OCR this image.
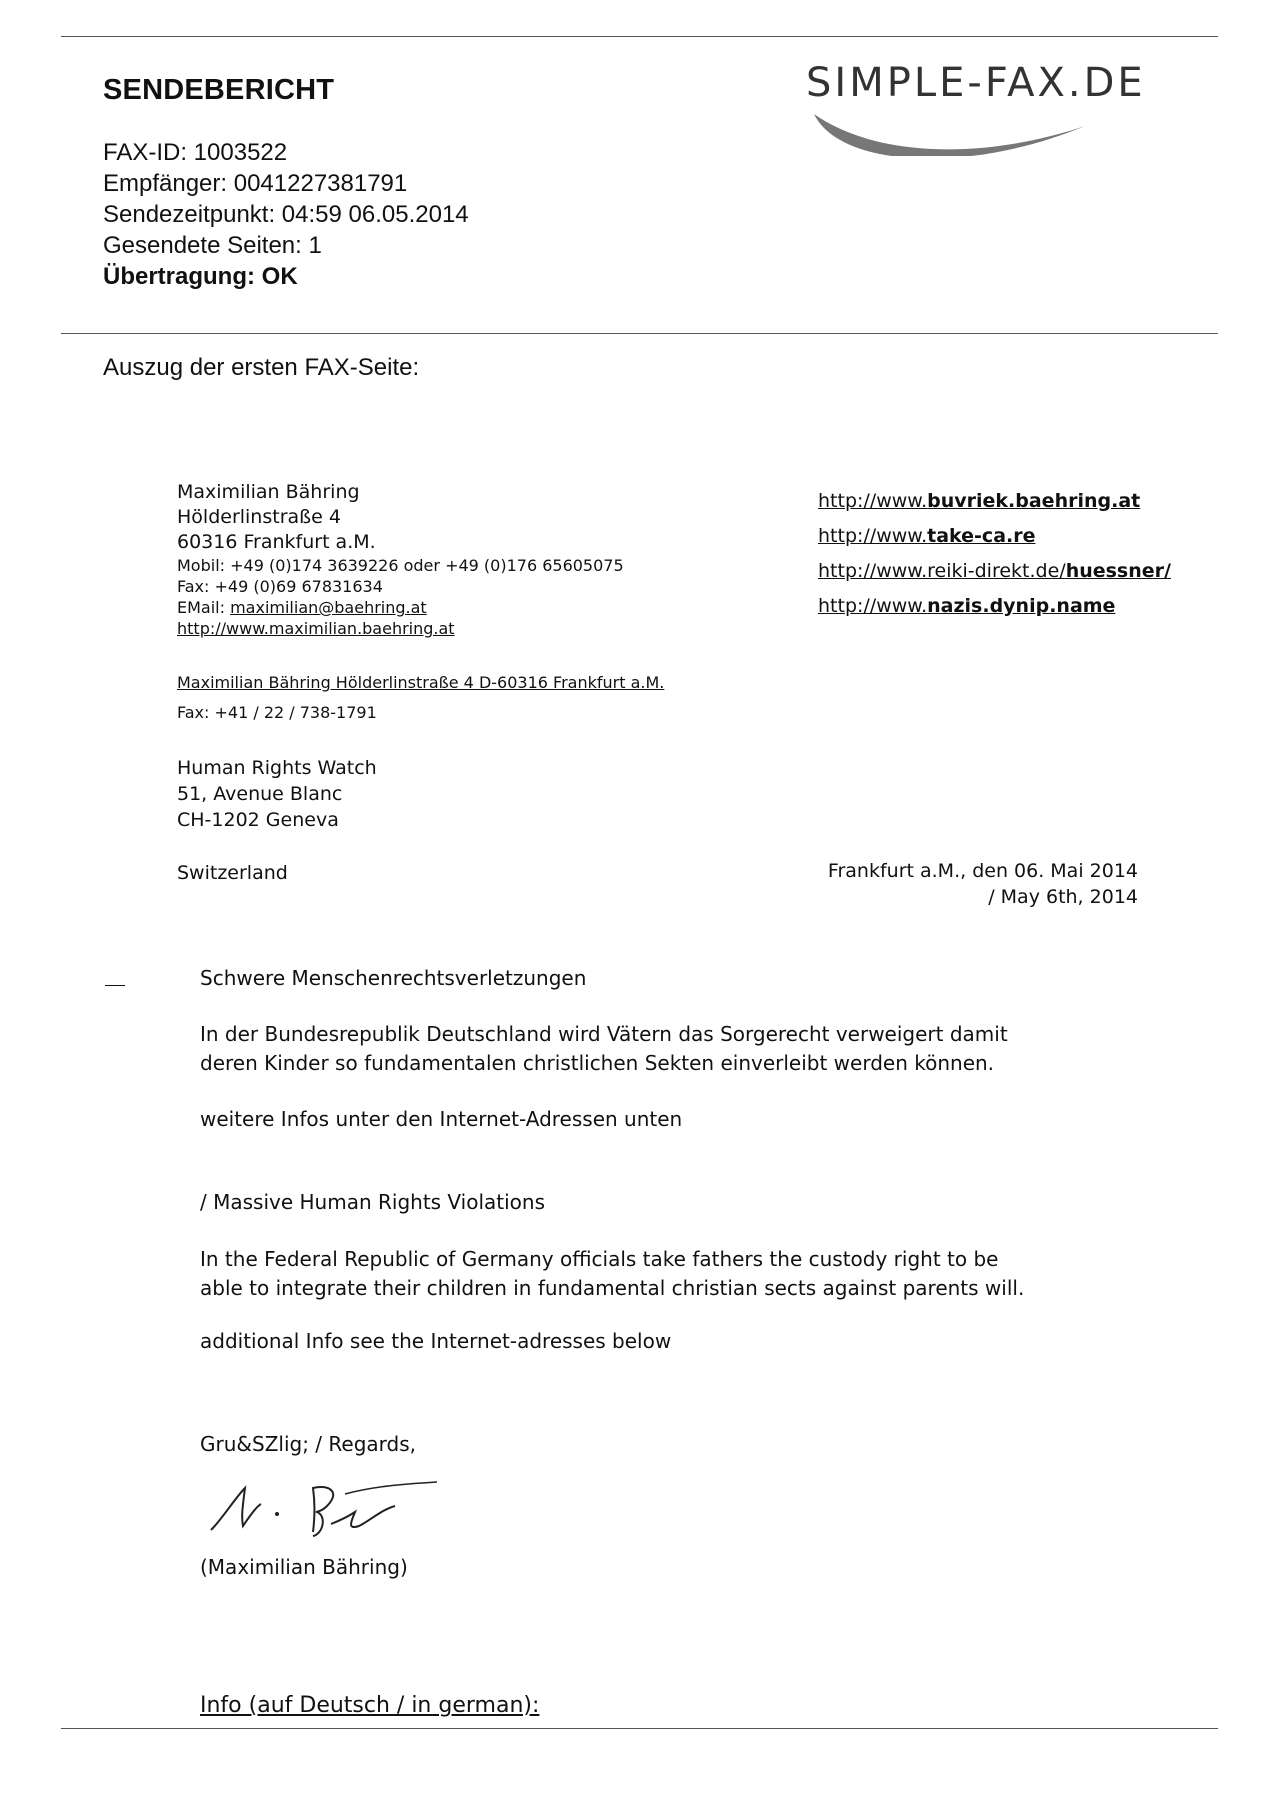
SENDEBERICHT	SIMPLE-FAX.DE
FAX-ID: 1003522
Empfänger: 0041227381791
Sendezeitpunkt: 04:59 06.05.2014
Gesendete Seiten: 1
Übertragung: OK
Auszug der ersten FAX-Seite:
Maximilian Bähring
Hölderlinstraße 4
60316 Frankfurt a.M.
Mobil: +49 (0)174 3639226 oder +49 (0)176 65605075
Fax: +49 (0)69 67831634
EMail: maximilian@baehring.at
http://www.maximilian.baehring.at
http://www.buvriek.baehring.at
http://www.take-ca.re
http://www.reiki-direkt.de/huessner/
http://www.nazis.dynip.name
Maximilian Bähring Hölderlinstraße 4 D-60316 Frankfurt a.M.
Fax: +41 / 22 / 738-1791
Human Rights Watch
51, Avenue Blanc
CH-1202 Geneva
Switzerland	Frankfurt a.M., den 06. Mai 2014
/ May 6th, 2014
Schwere Menschenrechtsverletzungen
In der Bundesrepublik Deutschland wird Vätern das Sorgerecht verweigert damit
deren Kinder so fundamentalen christlichen Sekten einverleibt werden können.
weitere Infos unter den Internet-Adressen unten
/ Massive Human Rights Violations
In the Federal Republic of Germany officials take fathers the custody right to be
able to integrate their children in fundamental christian sects against parents will.
additional Info see the Internet-adresses below
Gru&SZlig; / Regards,
(Maximilian Bähring)
Info (auf Deutsch / in german):
